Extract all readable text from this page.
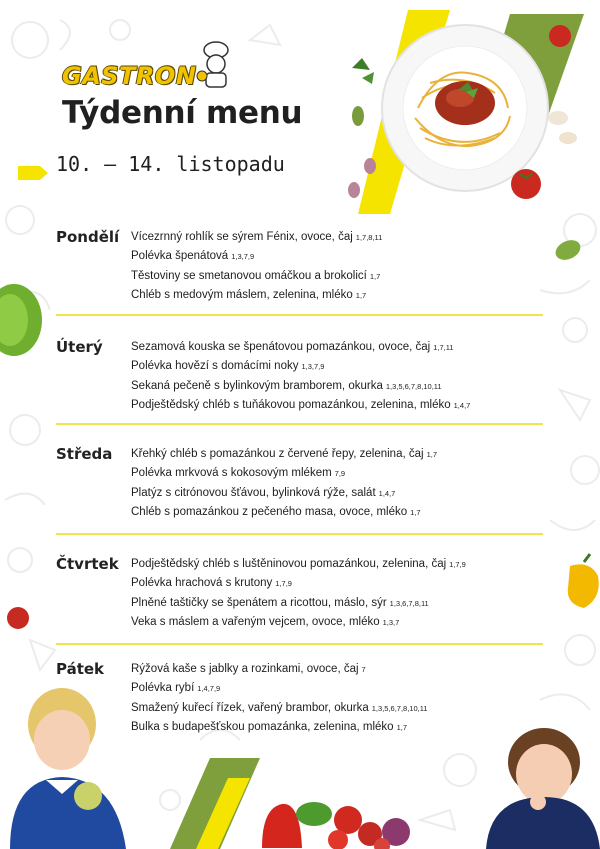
GASTRON
Týdenní menu
10. – 14. listopadu
Pondělí Vícezrnný rohlík se sýrem Fénix, ovoce, čaj 1,7,8,11
Polévka špenátová 1,3,7,9
Těstoviny se smetanovou omáčkou a brokolicí 1,7
Chléb s medovým máslem, zelenina, mléko 1,7
Úterý Sezamová kouska se špenátovou pomazánkou, ovoce, čaj 1,7,11
Polévka hovězí s domácími noky 1,3,7,9
Sekaná pečeně s bylinkovým bramborem, okurka 1,3,5,6,7,8,10,11
Podještědský chléb s tuňákovou pomazánkou, zelenina, mléko 1,4,7
Středa Křehký chléb s pomazánkou z červené řepy, zelenina, čaj 1,7
Polévka mrkvová s kokosovým mlékem 7,9
Platýz s citrónovou šťávou, bylinková rýže, salát 1,4,7
Chléb s pomazánkou z pečeného masa, ovoce, mléko 1,7
Čtvrtek Podještědský chléb s luštěninovou pomazánkou, zelenina, čaj 1,7,9
Polévka hrachová s krutony 1,7,9
Plněné taštičky se špenátem a ricottou, máslo, sýr 1,3,6,7,8,11
Veka s máslem a vařeným vejcem, ovoce, mléko 1,3,7
Pátek Rýžová kaše s jablky a rozinkami, ovoce, čaj 7
Polévka rybí 1,4,7,9
Smažený kuřecí řízek, vařený brambor, okurka 1,3,5,6,7,8,10,11
Bulka s budapešťskou pomazánka, zelenina, mléko 1,7
